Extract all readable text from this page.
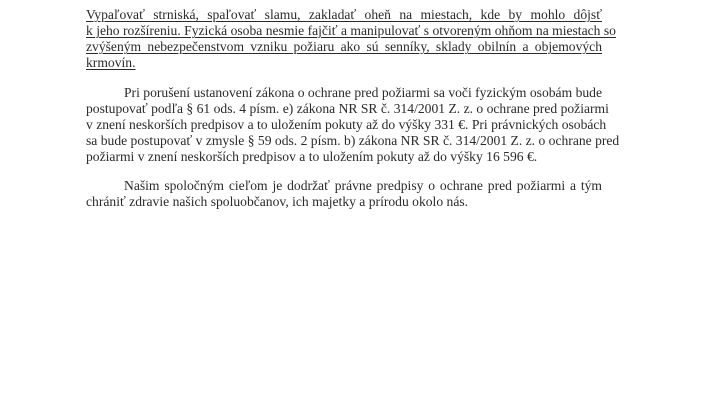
Vypaľovať strniská, spaľovať slamu, zakladať oheň na miestach, kde by mohlo dôjsť
k jeho rozšíreniu. Fyzická osoba nesmie fajčiť a manipulovať s otvoreným ohňom na miestach so
zvýšeným nebezpečenstvom vzniku požiaru ako sú senníky, sklady obilnín a objemových
krmovín.

Pri porušení ustanovení zákona o ochrane pred požiarmi sa voči fyzickým osobám bude
postupovať podľa § 61 ods. 4 písm. e) zákona NR SR č. 314/2001 Z. z. o ochrane pred požiarmi
v znení neskorších predpisov a to uložením pokuty až do výšky 331 €. Pri právnických osobách
sa bude postupovať v zmysle § 59 ods. 2 písm. b) zákona NR SR č. 314/2001 Z. z. o ochrane pred
požiarmi v znení neskorších predpisov a to uložením pokuty až do výšky 16 596 €.

Našim spoločným cieľom je dodržať právne predpisy o ochrane pred požiarmi a tým
chrániť zdravie našich spoluobčanov, ich majetky a prírodu okolo nás.
